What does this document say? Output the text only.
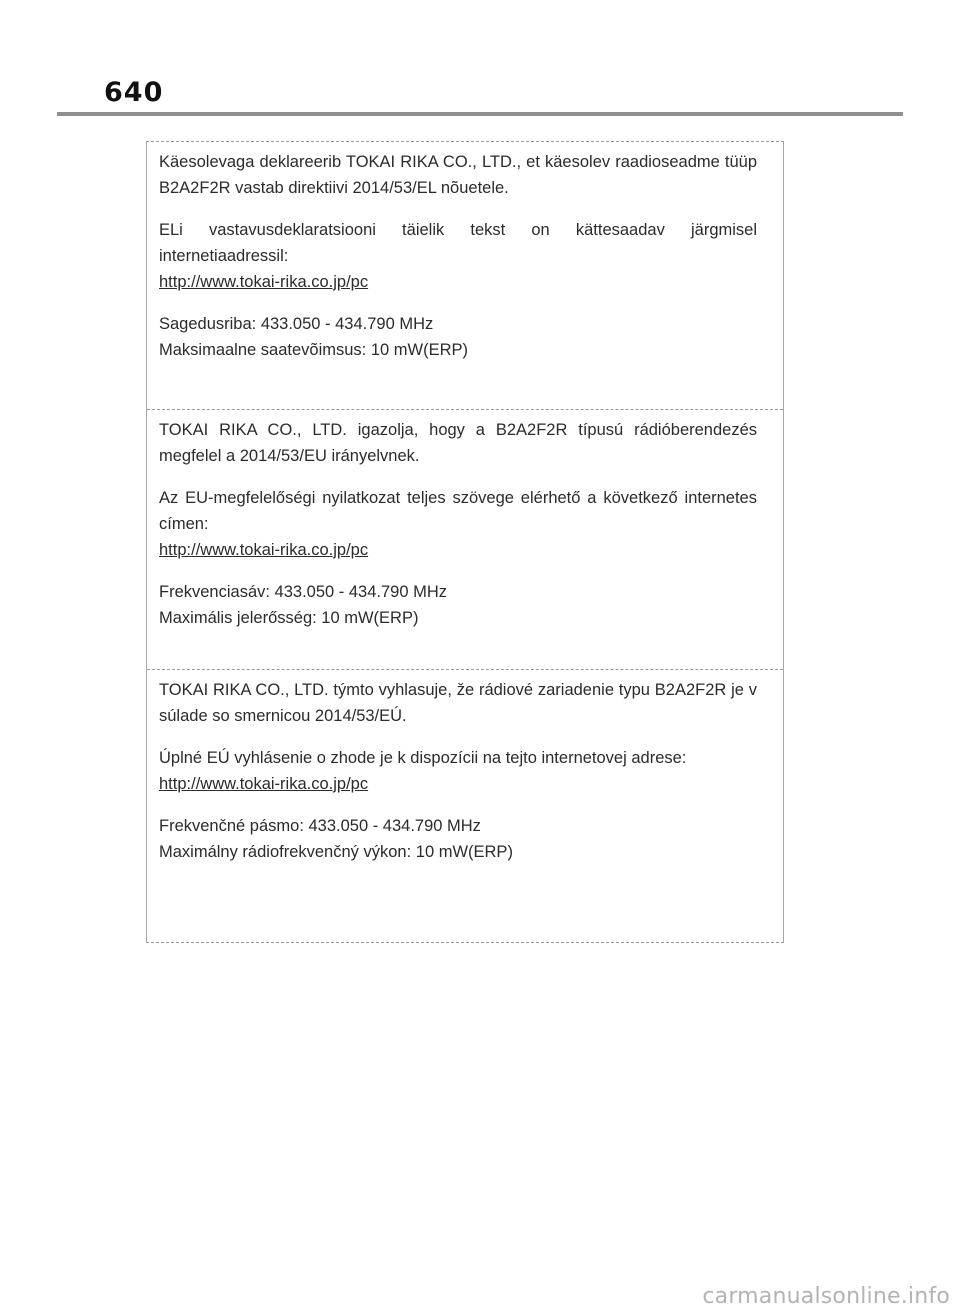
640

Käesolevaga deklareerib TOKAI RIKA CO., LTD., et käesolev raadioseadme tüüp B2A2F2R vastab direktiivi 2014/53/EL nõuetele.

ELi vastavusdeklaratsiooni täielik tekst on kättesaadav järgmisel internetiaadressil:
http://www.tokai-rika.co.jp/pc

Sagedusriba: 433.050 - 434.790 MHz
Maksimaalne saatevõimsus: 10 mW(ERP)

TOKAI RIKA CO., LTD. igazolja, hogy a B2A2F2R típusú rádióberendezés megfelel a 2014/53/EU irányelvnek.

Az EU-megfelelőségi nyilatkozat teljes szövege elérhető a következő internetes címen:
http://www.tokai-rika.co.jp/pc

Frekvenciasáv: 433.050 - 434.790 MHz
Maximális jelerősség: 10 mW(ERP)

TOKAI RIKA CO., LTD. týmto vyhlasuje, že rádiové zariadenie typu B2A2F2R je v súlade so smernicou 2014/53/EÚ.

Úplné EÚ vyhlásenie o zhode je k dispozícii na tejto internetovej adrese:
http://www.tokai-rika.co.jp/pc

Frekvenčné pásmo: 433.050 - 434.790 MHz
Maximálny rádiofrekvenčný výkon: 10 mW(ERP)
carmanualsonline.info
